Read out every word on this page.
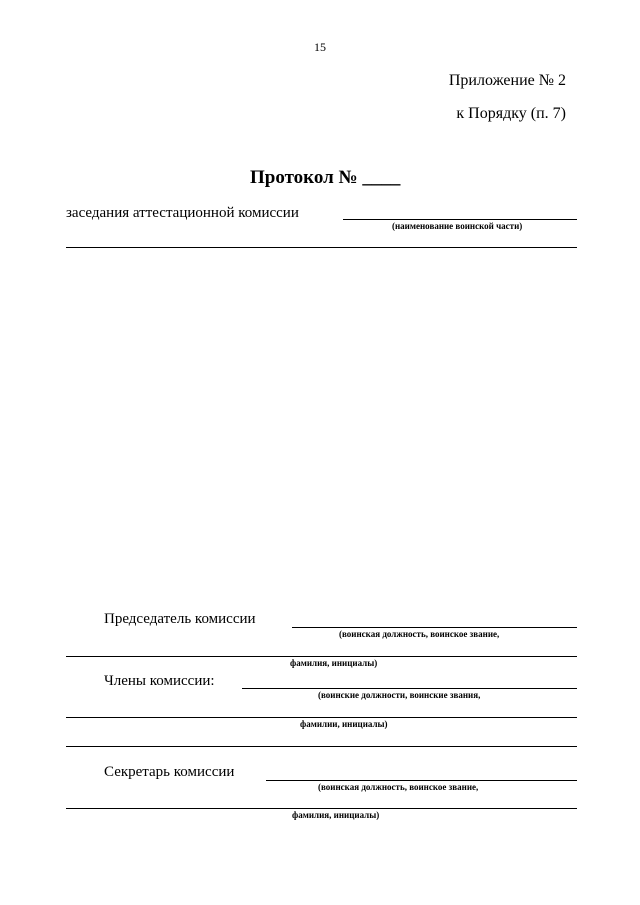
15
Приложение № 2
к Порядку (п. 7)
Протокол № ____
заседания аттестационной комиссии
(наименование воинской части)
Председатель комиссии
(воинская должность, воинское звание,
фамилия, инициалы)
Члены комиссии:
(воинские должности, воинские звания,
фамилии, инициалы)
Секретарь комиссии
(воинская должность, воинское звание,
фамилия, инициалы)
